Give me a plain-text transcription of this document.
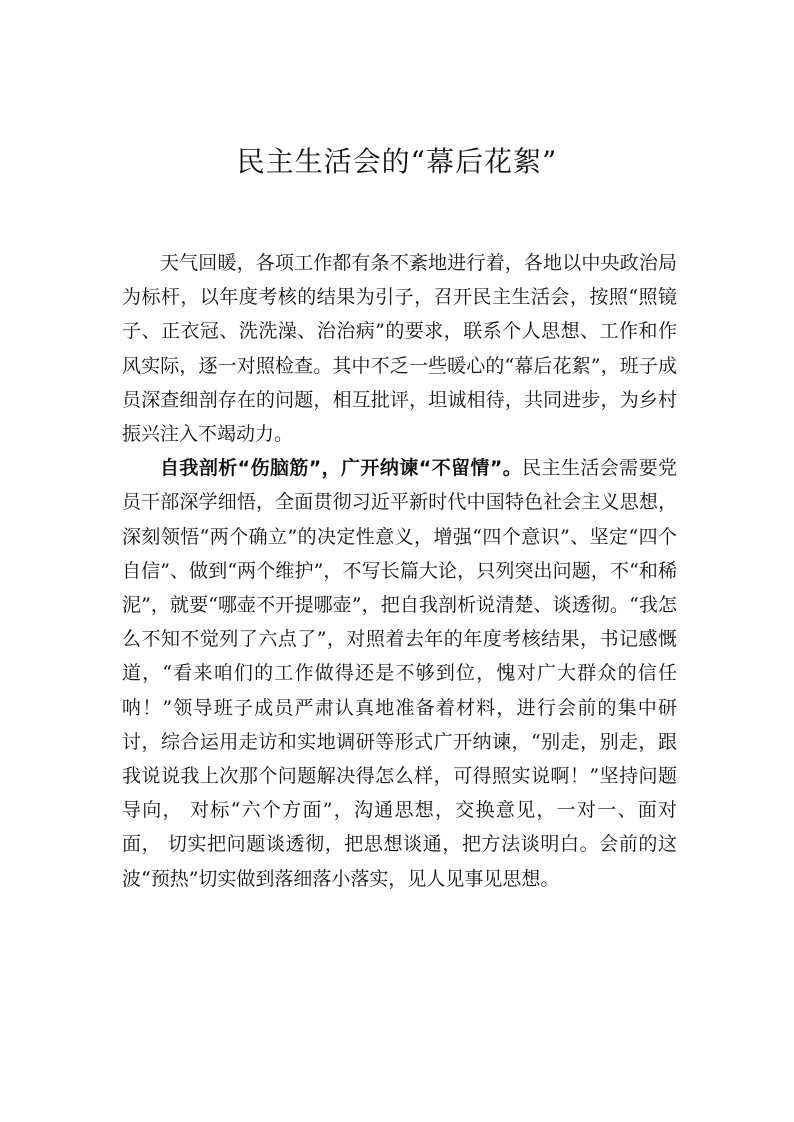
民主生活会的“幕后花絮”

天气回暖，各项工作都有条不紊地进行着，各地以中央政治局为标杆，以年度考核的结果为引子，召开民主生活会，按照“照镜子、正衣冠、洗洗澡、治治病”的要求，联系个人思想、工作和作风实际，逐一对照检查。其中不乏一些暖心的“幕后花絮”，班子成员深查细剖存在的问题，相互批评，坦诚相待，共同进步，为乡村振兴注入不竭动力。

自我剖析“伤脑筋”，广开纳谏“不留情”。民主生活会需要党员干部深学细悟，全面贯彻习近平新时代中国特色社会主义思想，深刻领悟“两个确立”的决定性意义，增强“四个意识”、坚定“四个自信”、做到“两个维护”，不写长篇大论，只列突出问题，不“和稀泥”，就要“哪壶不开提哪壶”，把自我剖析说清楚、谈透彻。“我怎么不知不觉列了六点了”，对照着去年的年度考核结果，书记感慨道，“看来咱们的工作做得还是不够到位，愧对广大群众的信任呐！”领导班子成员严肃认真地准备着材料，进行会前的集中研讨，综合运用走访和实地调研等形式广开纳谏，“别走，别走，跟我说说我上次那个问题解决得怎么样，可得照实说啊！”坚持问题导向， 对标“六个方面”，沟通思想，交换意见，一对一、面对面， 切实把问题谈透彻，把思想谈通，把方法谈明白。会前的这波“预热”切实做到落细落小落实，见人见事见思想。
